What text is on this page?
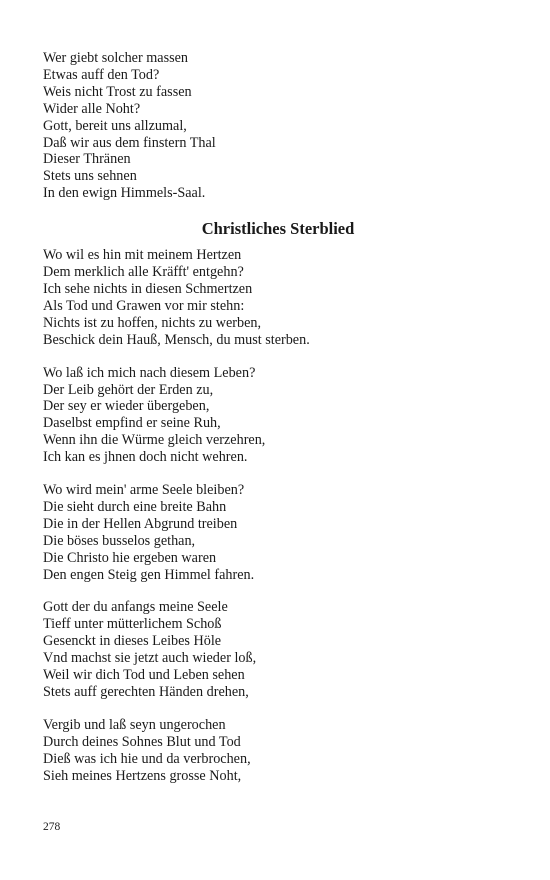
Wer giebt solcher massen
Etwas auff den Tod?
Weis nicht Trost zu fassen
Wider alle Noht?
Gott, bereit uns allzumal,
Daß wir aus dem finstern Thal
Dieser Thränen
Stets uns sehnen
In den ewign Himmels-Saal.
Christliches Sterblied
Wo wil es hin mit meinem Hertzen
Dem merklich alle Kräfft' entgehn?
Ich sehe nichts in diesen Schmertzen
Als Tod und Grawen vor mir stehn:
Nichts ist zu hoffen, nichts zu werben,
Beschick dein Hauß, Mensch, du must sterben.
Wo laß ich mich nach diesem Leben?
Der Leib gehört der Erden zu,
Der sey er wieder übergeben,
Daselbst empfind er seine Ruh,
Wenn ihn die Würme gleich verzehren,
Ich kan es jhnen doch nicht wehren.
Wo wird mein' arme Seele bleiben?
Die sieht durch eine breite Bahn
Die in der Hellen Abgrund treiben
Die böses busselos gethan,
Die Christo hie ergeben waren
Den engen Steig gen Himmel fahren.
Gott der du anfangs meine Seele
Tieff unter mütterlichem Schoß
Gesenckt in dieses Leibes Höle
Vnd machst sie jetzt auch wieder loß,
Weil wir dich Tod und Leben sehen
Stets auff gerechten Händen drehen,
Vergib und laß seyn ungerochen
Durch deines Sohnes Blut und Tod
Dieß was ich hie und da verbrochen,
Sieh meines Hertzens grosse Noht,
278
